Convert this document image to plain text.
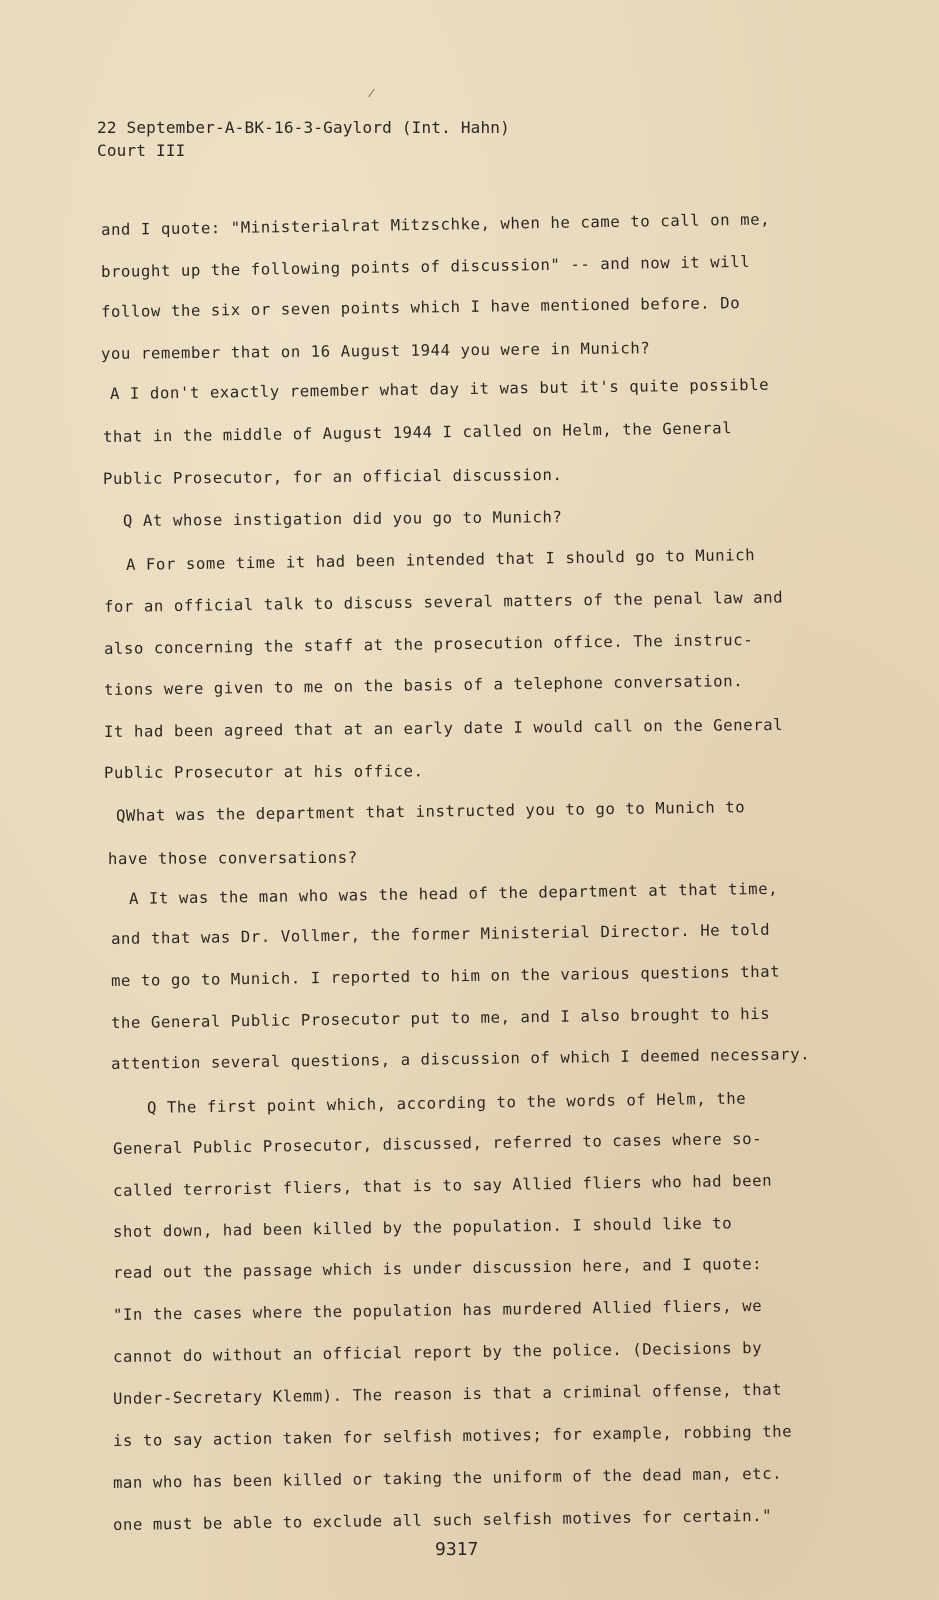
22 September-A-BK-16-3-Gaylord (Int. Hahn)
Court III
and I quote: "Ministerialrat Mitzschke, when he came to call on me,
brought up the following points of discussion" -- and now it will
follow the six or seven points which I have mentioned before. Do
you remember that on 16 August 1944 you were in Munich?
A I don't exactly remember what day it was but it's quite possible
that in the middle of August 1944 I called on Helm, the General
Public Prosecutor, for an official discussion.
Q At whose instigation did you go to Munich?
A For some time it had been intended that I should go to Munich
for an official talk to discuss several matters of the penal law and
also concerning the staff at the prosecution office. The instruc-
tions were given to me on the basis of a telephone conversation.
It had been agreed that at an early date I would call on the General
Public Prosecutor at his office.
QWhat was the department that instructed you to go to Munich to
have those conversations?
A It was the man who was the head of the department at that time,
and that was Dr. Vollmer, the former Ministerial Director. He told
me to go to Munich. I reported to him on the various questions that
the General Public Prosecutor put to me, and I also brought to his
attention several questions, a discussion of which I deemed necessary.
Q The first point which, according to the words of Helm, the
General Public Prosecutor, discussed, referred to cases where so-
called terrorist fliers, that is to say Allied fliers who had been
shot down, had been killed by the population. I should like to
read out the passage which is under discussion here, and I quote:
"In the cases where the population has murdered Allied fliers, we
cannot do without an official report by the police. (Decisions by
Under-Secretary Klemm). The reason is that a criminal offense, that
is to say action taken for selfish motives; for example, robbing the
man who has been killed or taking the uniform of the dead man, etc.
one must be able to exclude all such selfish motives for certain."
9317
